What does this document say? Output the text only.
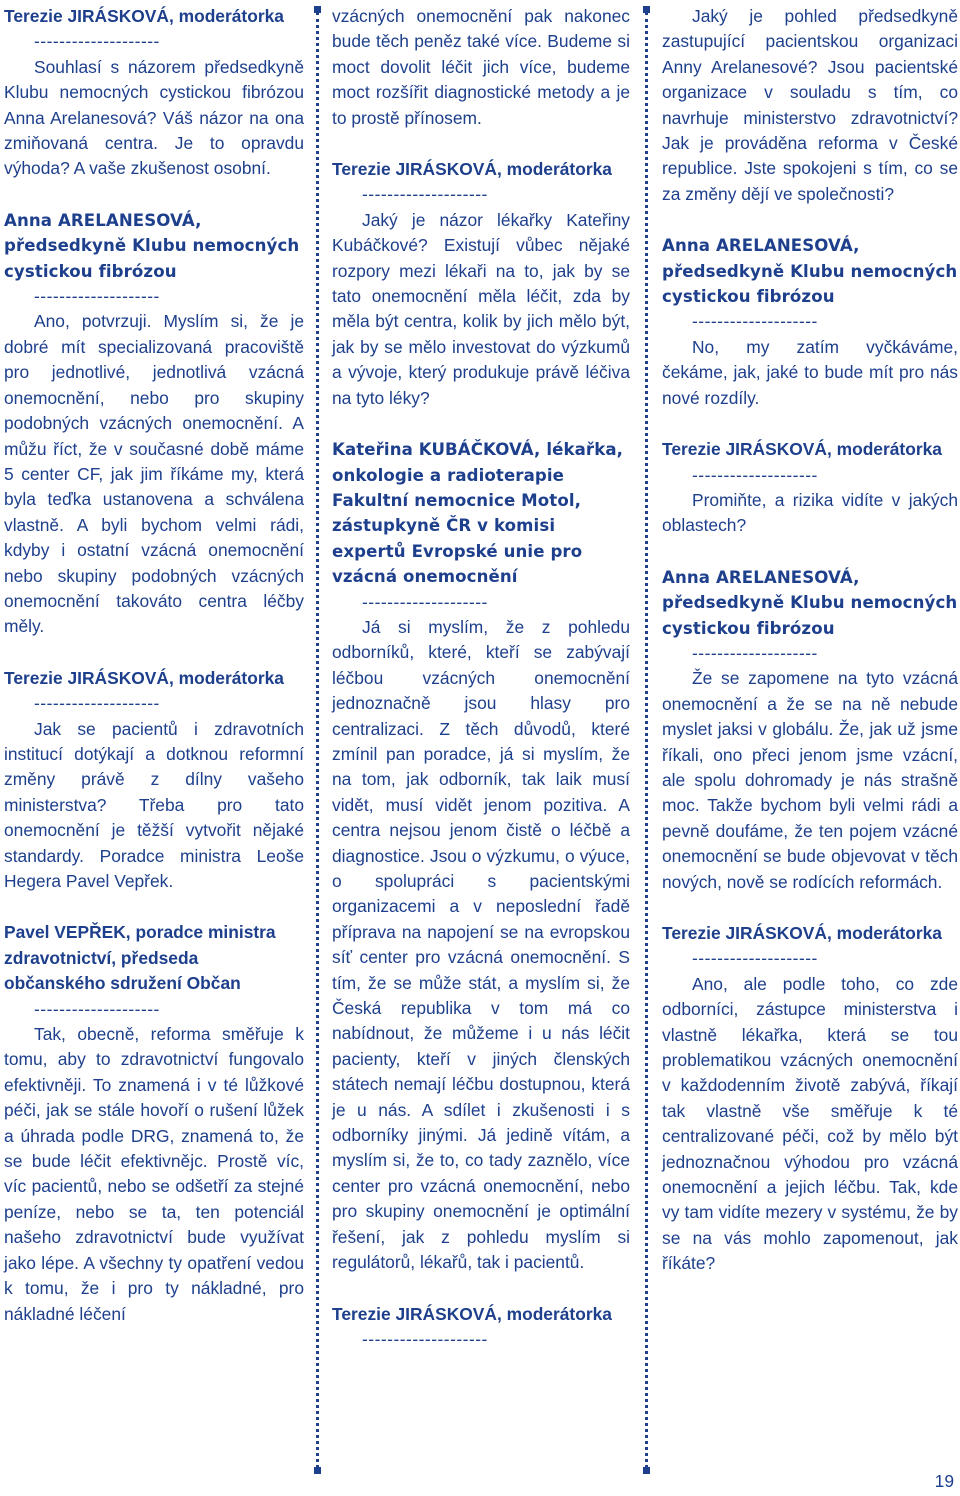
Terezie JIRÁSKOVÁ, moderátorka
--------------------
Souhlasí s názorem předsedkyně Klubu nemocných cystickou fibrózou Anna Arelanesová? Váš názor na ona zmiňovaná centra. Je to opravdu výhoda? A vaše zkušenost osobní.
Anna ARELANESOVÁ, předsedkyně Klubu nemocných cystickou fibrózou
--------------------
Ano, potvrzuji. Myslím si, že je dobré mít specializovaná pracoviště pro jednotlivé, jednotlivá vzácná onemocnění, nebo pro skupiny podobných vzácných onemocnění. A můžu říct, že v současné době máme 5 center CF, jak jim říkáme my, která byla teďka ustanovena a schválena vlastně. A byli bychom velmi rádi, kdyby i ostatní vzácná onemocnění nebo skupiny podobných vzácných onemocnění takováto centra léčby měly.
Terezie JIRÁSKOVÁ, moderátorka
--------------------
Jak se pacientů i zdravotních institucí dotýkají a dotknou reformní změny právě z dílny vašeho ministerstva? Třeba pro tato onemocnění je těžší vytvořit nějaké standardy. Poradce ministra Leoše Hegera Pavel Vepřek.
Pavel VEPŘEK, poradce ministra zdravotnictví, předseda občanského sdružení Občan
--------------------
Tak, obecně, reforma směřuje k tomu, aby to zdravotnictví fungovalo efektivněji. To znamená i v té lůžkové péči, jak se stále hovoří o rušení lůžek a úhrada podle DRG, znamená to, že se bude léčit efektivnějc. Prostě víc, víc pacientů, nebo se odšetří za stejné peníze, nebo se ta, ten potenciál našeho zdravotnictví bude využívat jako lépe. A všechny ty opatření vedou k tomu, že i pro ty nákladné, pro nákladné léčení
vzácných onemocnění pak nakonec bude těch peněz také více. Budeme si moct dovolit léčit jich více, budeme moct rozšířit diagnostické metody a je to prostě přínosem.
Terezie JIRÁSKOVÁ, moderátorka
--------------------
Jaký je názor lékařky Kateřiny Kubáčkové? Existují vůbec nějaké rozpory mezi lékaři na to, jak by se tato onemocnění měla léčit, zda by měla být centra, kolik by jich mělo být, jak by se mělo investovat do výzkumů a vývoje, který produkuje právě léčiva na tyto léky?
Kateřina KUBÁČKOVÁ, lékařka, onkologie a radioterapie Fakultní nemocnice Motol, zástupkyně ČR v komisi expertů Evropské unie pro vzácná onemocnění
--------------------
Já si myslím, že z pohledu odborníků, které, kteří se zabývají léčbou vzácných onemocnění jednoznačně jsou hlasy pro centralizaci. Z těch důvodů, které zmínil pan poradce, já si myslím, že na tom, jak odborník, tak laik musí vidět, musí vidět jenom pozitiva. A centra nejsou jenom čistě o léčbě a diagnostice. Jsou o výzkumu, o výuce, o spolupráci s pacientskými organizacemi a v neposlední řadě příprava na napojení se na evropskou síť center pro vzácná onemocnění. S tím, že se může stát, a myslím si, že Česká republika v tom má co nabídnout, že můžeme i u nás léčit pacienty, kteří v jiných členských státech nemají léčbu dostupnou, která je u nás. A sdílet i zkušenosti i s odborníky jinými. Já jedině vítám, a myslím si, že to, co tady zaznělo, více center pro vzácná onemocnění, nebo pro skupiny onemocnění je optimální řešení, jak z pohledu myslím si regulátorů, lékařů, tak i pacientů.
Terezie JIRÁSKOVÁ, moderátorka
--------------------
Jaký je pohled předsedkyně zastupující pacientskou organizaci Anny Arelanesové? Jsou pacientské organizace v souladu s tím, co navrhuje ministerstvo zdravotnictví? Jak je prováděna reforma v České republice. Jste spokojeni s tím, co se za změny dějí ve společnosti?
Anna ARELANESOVÁ, předsedkyně Klubu nemocných cystickou fibrózou
--------------------
No, my zatím vyčkáváme, čekáme, jak, jaké to bude mít pro nás nové rozdíly.
Terezie JIRÁSKOVÁ, moderátorka
--------------------
Promiňte, a rizika vidíte v jakých oblastech?
Anna ARELANESOVÁ, předsedkyně Klubu nemocných cystickou fibrózou
--------------------
Že se zapomene na tyto vzácná onemocnění a že se na ně nebude myslet jaksi v globálu. Že, jak už jsme říkali, ono přeci jenom jsme vzácní, ale spolu dohromady je nás strašně moc. Takže bychom byli velmi rádi a pevně doufáme, že ten pojem vzácné onemocnění se bude objevovat v těch nových, nově se rodících reformách.
Terezie JIRÁSKOVÁ, moderátorka
--------------------
Ano, ale podle toho, co zde odborníci, zástupce ministerstva i vlastně lékařka, která se tou problematikou vzácných onemocnění v každodenním životě zabývá, říkají tak vlastně vše směřuje k té centralizované péči, což by mělo být jednoznačnou výhodou pro vzácná onemocnění a jejich léčbu. Tak, kde vy tam vidíte mezery v systému, že by se na vás mohlo zapomenout, jak říkáte?
19
